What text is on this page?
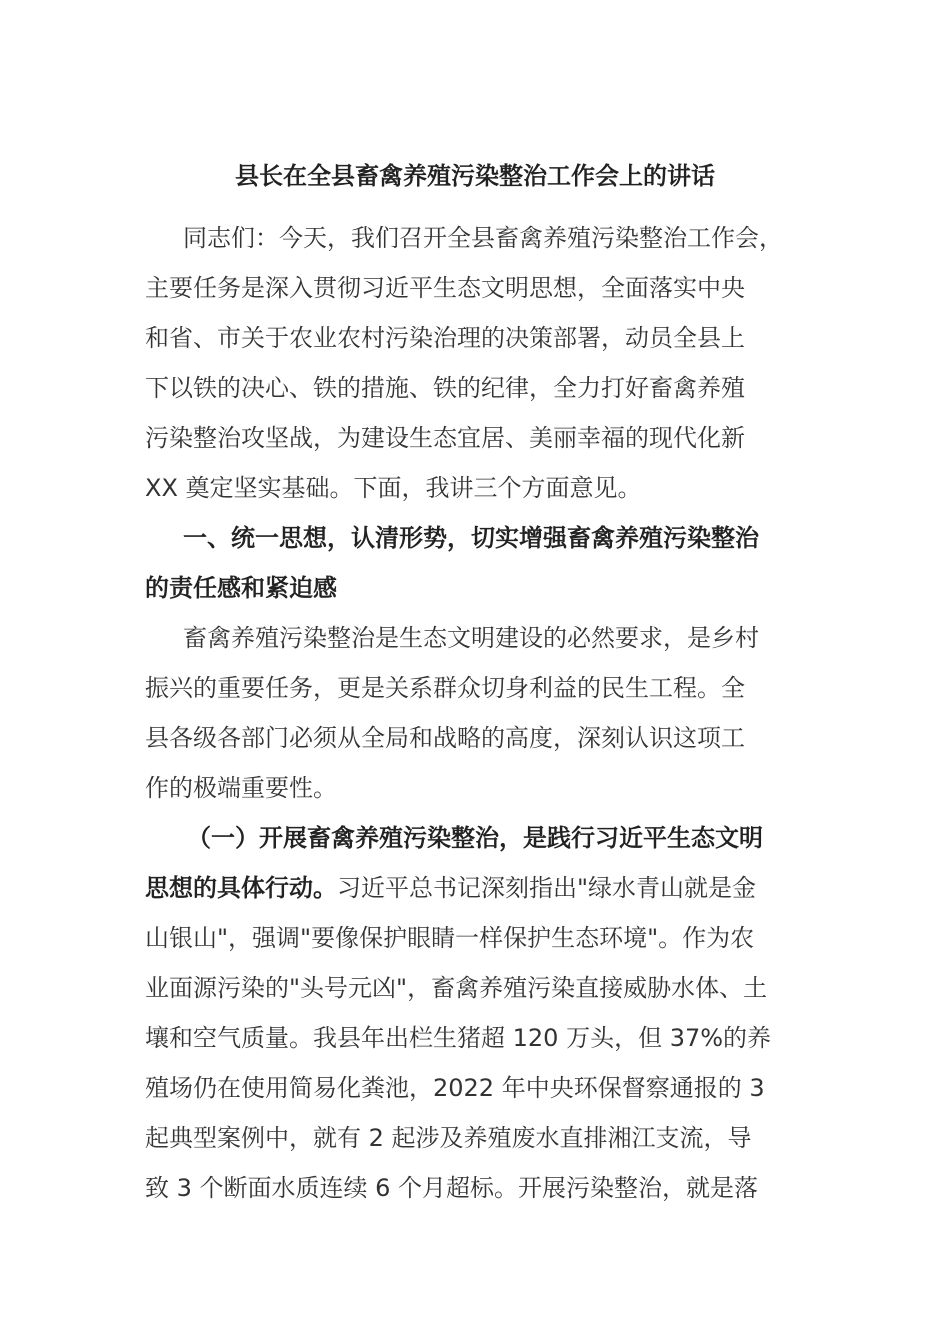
县长在全县畜禽养殖污染整治工作会上的讲话
同志们：今天，我们召开全县畜禽养殖污染整治工作会，
主要任务是深入贯彻习近平生态文明思想，全面落实中央
和省、市关于农业农村污染治理的决策部署，动员全县上
下以铁的决心、铁的措施、铁的纪律，全力打好畜禽养殖
污染整治攻坚战，为建设生态宜居、美丽幸福的现代化新
XX 奠定坚实基础。下面，我讲三个方面意见。
一、统一思想，认清形势，切实增强畜禽养殖污染整治
的责任感和紧迫感
畜禽养殖污染整治是生态文明建设的必然要求，是乡村
振兴的重要任务，更是关系群众切身利益的民生工程。全
县各级各部门必须从全局和战略的高度，深刻认识这项工
作的极端重要性。
（一）开展畜禽养殖污染整治，是践行习近平生态文明
思想的具体行动。习近平总书记深刻指出"绿水青山就是金
山银山"，强调"要像保护眼睛一样保护生态环境"。作为农
业面源污染的"头号元凶"，畜禽养殖污染直接威胁水体、土
壤和空气质量。我县年出栏生猪超 120 万头，但 37%的养
殖场仍在使用简易化粪池，2022 年中央环保督察通报的 3
起典型案例中，就有 2 起涉及养殖废水直排湘江支流，导
致 3 个断面水质连续 6 个月超标。开展污染整治，就是落
